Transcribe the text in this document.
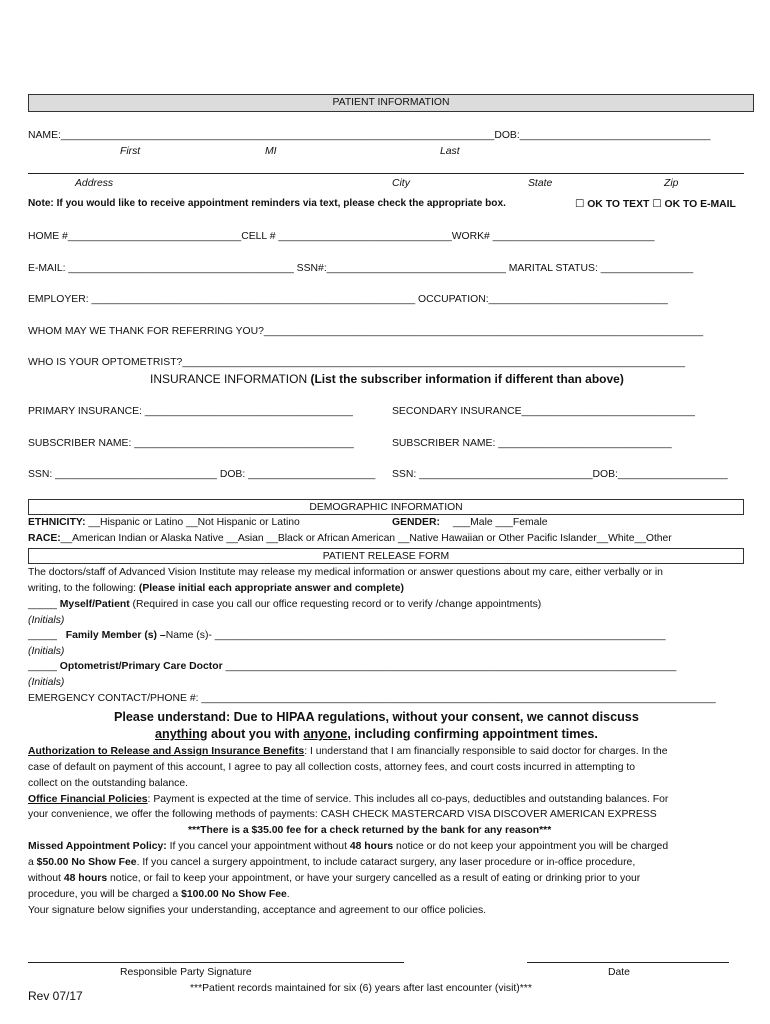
PATIENT INFORMATION
NAME:___________________________________________________________________________DOB:_________________________________
First	MI	Last
Address	City	State	Zip
Note: If you would like to receive appointment reminders via text, please check the appropriate box.	☐ OK TO TEXT ☐ OK TO E-MAIL
HOME #______________________________CELL # ______________________________WORK# ____________________________
E-MAIL: _______________________________________ SSN#:_______________________________ MARITAL STATUS: ________________
EMPLOYER: ________________________________________________________ OCCUPATION:_______________________________
WHOM MAY WE THANK FOR REFERRING YOU?____________________________________________________________________________
WHO IS YOUR OPTOMETRIST?_______________________________________________________________________________________
INSURANCE INFORMATION (List the subscriber information if different than above)
PRIMARY INSURANCE: ____________________________________	SECONDARY INSURANCE______________________________
SUBSCRIBER NAME: ______________________________________	SUBSCRIBER NAME: ______________________________
SSN: ____________________________ DOB: ______________________ SSN: ______________________________DOB:___________________
DEMOGRAPHIC INFORMATION
ETHNICITY: __Hispanic or Latino __Not Hispanic or Latino	GENDER: ___Male ___Female
RACE:__American Indian or Alaska Native __Asian __Black or African American __Native Hawaiian or Other Pacific Islander__White__Other
PATIENT RELEASE FORM
The doctors/staff of Advanced Vision Institute may release my medical information or answer questions about my care, either verbally or in
writing, to the following: (Please initial each appropriate answer and complete)
_____ Myself/Patient (Required in case you call our office requesting record or to verify /change appointments)
(Initials)
_____ Family Member (s) –Name (s)- ______________________________________________________________________________
(Initials)
_____ Optometrist/Primary Care Doctor ______________________________________________________________________________
(Initials)
EMERGENCY CONTACT/PHONE #: _________________________________________________________________________________________
Please understand: Due to HIPAA regulations, without your consent, we cannot discuss
anything about you with anyone, including confirming appointment times.
Authorization to Release and Assign Insurance Benefits: I understand that I am financially responsible to said doctor for charges. In the
case of default on payment of this account, I agree to pay all collection costs, attorney fees, and court costs incurred in attempting to
collect on the outstanding balance.
Office Financial Policies: Payment is expected at the time of service. This includes all co-pays, deductibles and outstanding balances. For
your convenience, we offer the following methods of payments: CASH CHECK MASTERCARD VISA DISCOVER AMERICAN EXPRESS
***There is a $35.00 fee for a check returned by the bank for any reason***
Missed Appointment Policy: If you cancel your appointment without 48 hours notice or do not keep your appointment you will be charged
a $50.00 No Show Fee. If you cancel a surgery appointment, to include cataract surgery, any laser procedure or in-office procedure,
without 48 hours notice, or fail to keep your appointment, or have your surgery cancelled as a result of eating or drinking prior to your
procedure, you will be charged a $100.00 No Show Fee.
Your signature below signifies your understanding, acceptance and agreement to our office policies.
Responsible Party Signature	Date
Rev 07/17
***Patient records maintained for six (6) years after last encounter (visit)***
